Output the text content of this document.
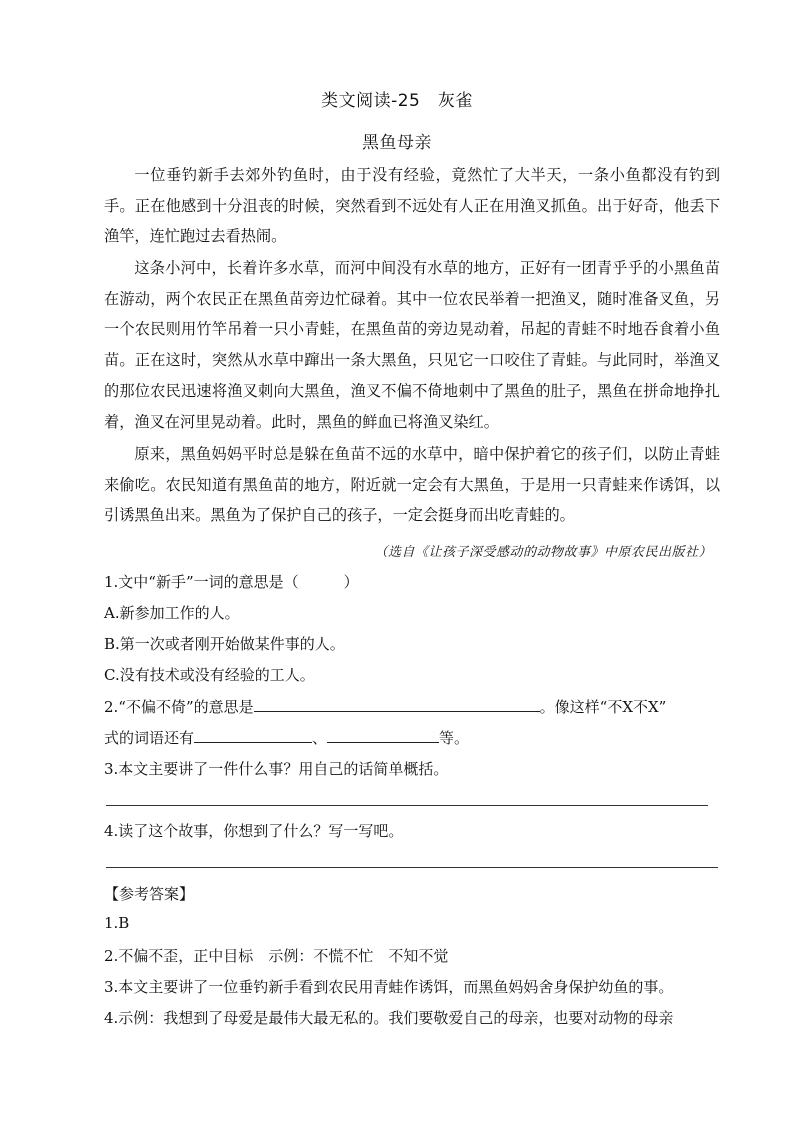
类文阅读-25　灰雀
黑鱼母亲

一位垂钓新手去郊外钓鱼时，由于没有经验，竟然忙了大半天，一条小鱼都没有钓到手。正在他感到十分沮丧的时候，突然看到不远处有人正在用渔叉抓鱼。出于好奇，他丢下渔竿，连忙跑过去看热闹。

这条小河中，长着许多水草，而河中间没有水草的地方，正好有一团青乎乎的小黑鱼苗在游动，两个农民正在黑鱼苗旁边忙碌着。其中一位农民举着一把渔叉，随时准备叉鱼，另一个农民则用竹竿吊着一只小青蛙，在黑鱼苗的旁边晃动着，吊起的青蛙不时地吞食着小鱼苗。正在这时，突然从水草中蹿出一条大黑鱼，只见它一口咬住了青蛙。与此同时，举渔叉的那位农民迅速将渔叉刺向大黑鱼，渔叉不偏不倚地刺中了黑鱼的肚子，黑鱼在拼命地挣扎着，渔叉在河里晃动着。此时，黑鱼的鲜血已将渔叉染红。

原来，黑鱼妈妈平时总是躲在鱼苗不远的水草中，暗中保护着它的孩子们，以防止青蛙来偷吃。农民知道有黑鱼苗的地方，附近就一定会有大黑鱼，于是用一只青蛙来作诱饵，以引诱黑鱼出来。黑鱼为了保护自己的孩子，一定会挺身而出吃青蛙的。

（选自《让孩子深受感动的动物故事》中原农民出版社）
1.文中“新手”一词的意思是（　　　）
A.新参加工作的人。
B.第一次或者刚开始做某件事的人。
C.没有技术或没有经验的工人。
2.“不偏不倚”的意思是	。像这样“不X不X”
式的词语还有	、	等。
3.本文主要讲了一件什么事？用自己的话简单概括。
4.读了这个故事，你想到了什么？写一写吧。
【参考答案】
1.B
2.不偏不歪，正中目标　示例：不慌不忙　不知不觉
3.本文主要讲了一位垂钓新手看到农民用青蛙作诱饵，而黑鱼妈妈舍身保护幼鱼的事。
4.示例：我想到了母爱是最伟大最无私的。我们要敬爱自己的母亲，也要对动物的母亲
